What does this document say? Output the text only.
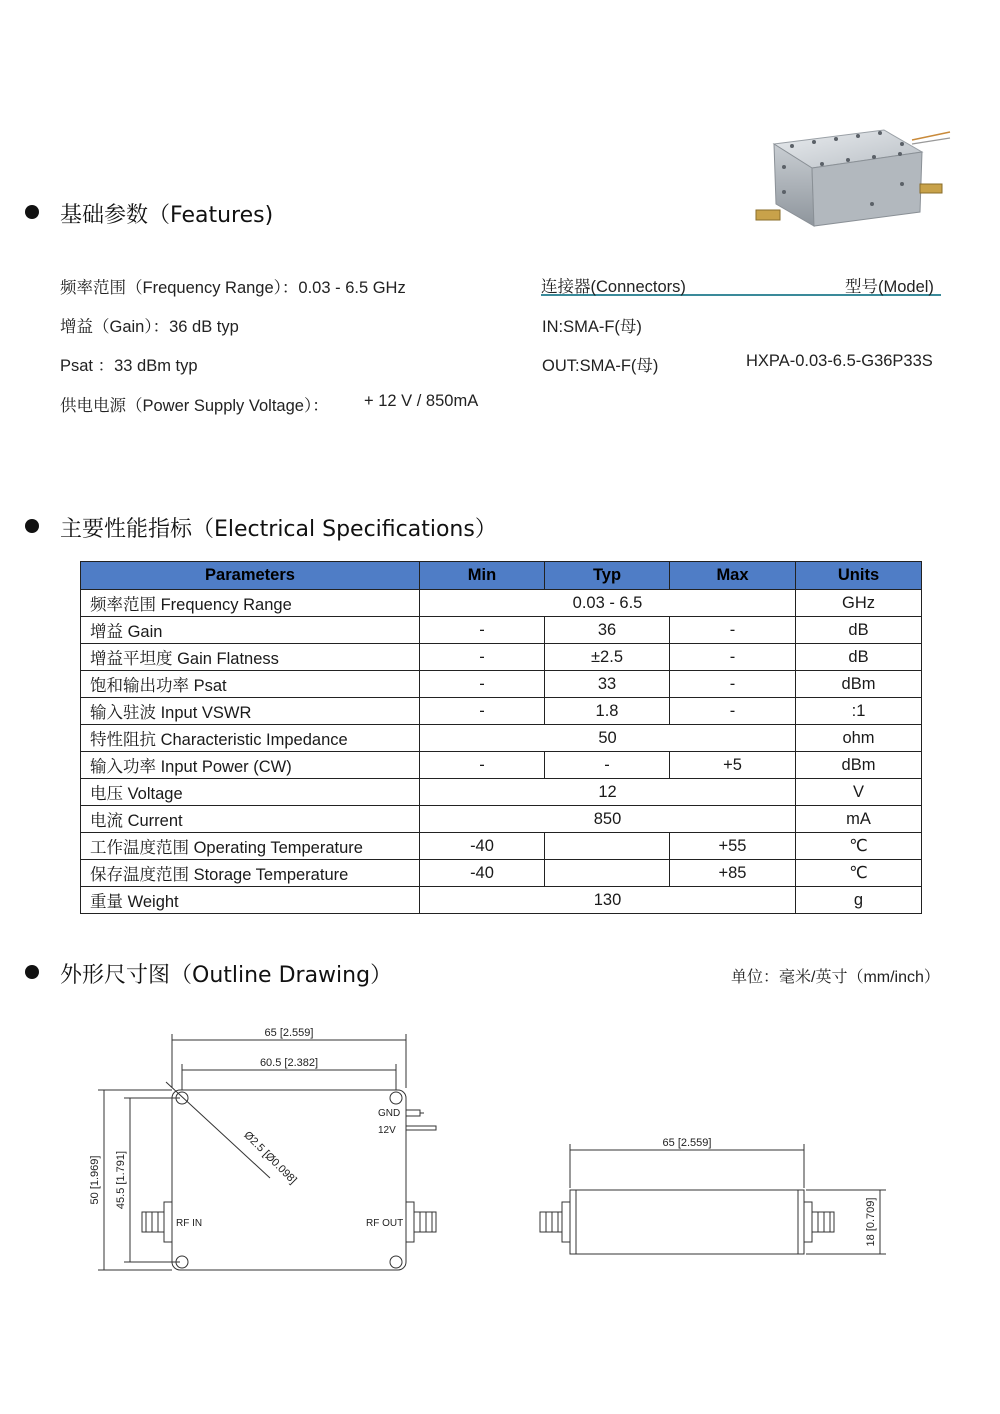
基础参数（Features)
频率范围（Frequency Range）：0.03 - 6.5 GHz
增益（Gain）：36 dB typ
Psat ：33 dBm typ
供电电源（Power Supply Voltage）： + 12 V / 850mA
连接器(Connectors)	型号(Model)
IN:SMA-F(母)
OUT:SMA-F(母)	HXPA-0.03-6.5-G36P33S
主要性能指标（Electrical Specifications）
Parameters	Min	Typ	Max	Units
频率范围 Frequency Range	0.03 - 6.5			GHz
增益 Gain	-	36	-	dB
增益平坦度 Gain Flatness	-	±2.5	-	dB
饱和输出功率 Psat	-	33	-	dBm
输入驻波 Input VSWR	-	1.8	-	:1
特性阻抗 Characteristic Impedance	50			ohm
输入功率 Input Power (CW)	-	-	+5	dBm
电压 Voltage	12			V
电流 Current	850			mA
工作温度范围 Operating Temperature	-40		+55	℃
保存温度范围 Storage Temperature	-40		+85	℃
重量 Weight	130			g
外形尺寸图（Outline Drawing）	单位：毫米/英寸（mm/inch）
65 [2.559]
60.5 [2.382]
50 [1.969] 45.5 [1.791]	Ø2.5 [Ø0.098]
GND
12V
RF IN	RF OUT
65 [2.559]
18 [0.709]
